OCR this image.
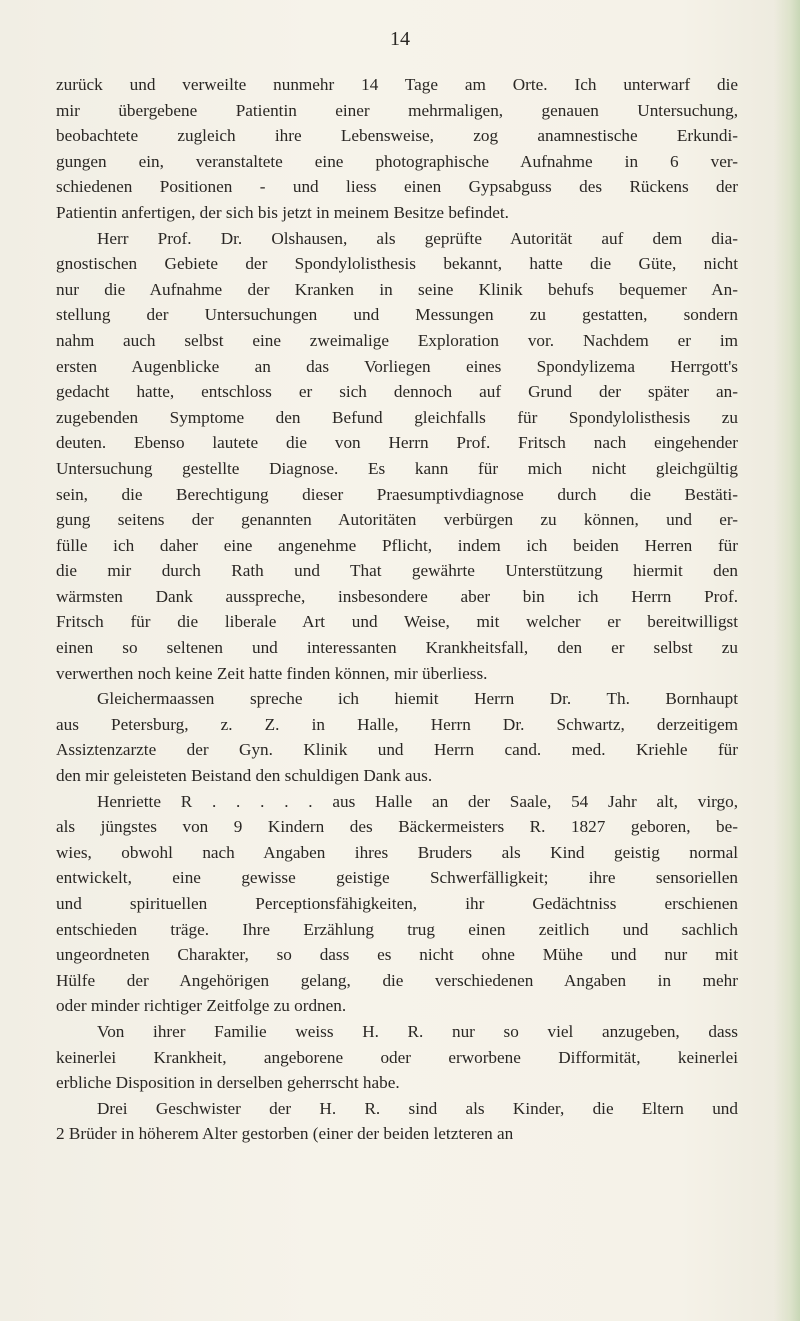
14
zurück und verweilte nunmehr 14 Tage am Orte. Ich unterwarf die
mir übergebene Patientin einer mehrmaligen, genauen Untersuchung,
beobachtete zugleich ihre Lebensweise, zog anamnestische Erkundi-
gungen ein, veranstaltete eine photographische Aufnahme in 6 ver-
schiedenen Positionen - und liess einen Gypsabguss des Rückens der
Patientin anfertigen, der sich bis jetzt in meinem Besitze befindet.
Herr Prof. Dr. Olshausen, als geprüfte Autorität auf dem dia-
gnostischen Gebiete der Spondylolisthesis bekannt, hatte die Güte, nicht
nur die Aufnahme der Kranken in seine Klinik behufs bequemer An-
stellung der Untersuchungen und Messungen zu gestatten, sondern
nahm auch selbst eine zweimalige Exploration vor. Nachdem er im
ersten Augenblicke an das Vorliegen eines Spondylizema Herrgott's
gedacht hatte, entschloss er sich dennoch auf Grund der später an-
zugebenden Symptome den Befund gleichfalls für Spondylolisthesis zu
deuten. Ebenso lautete die von Herrn Prof. Fritsch nach eingehender
Untersuchung gestellte Diagnose. Es kann für mich nicht gleichgültig
sein, die Berechtigung dieser Praesumptivdiagnose durch die Bestäti-
gung seitens der genannten Autoritäten verbürgen zu können, und er-
fülle ich daher eine angenehme Pflicht, indem ich beiden Herren für
die mir durch Rath und That gewährte Unterstützung hiermit den
wärmsten Dank ausspreche, insbesondere aber bin ich Herrn Prof.
Fritsch für die liberale Art und Weise, mit welcher er bereitwilligst
einen so seltenen und interessanten Krankheitsfall, den er selbst zu
verwerthen noch keine Zeit hatte finden können, mir überliess.
Gleichermaassen spreche ich hiemit Herrn Dr. Th. Bornhaupt
aus Petersburg, z. Z. in Halle, Herrn Dr. Schwartz, derzeitigem
Assiztenzarzte der Gyn. Klinik und Herrn cand. med. Kriehle für
den mir geleisteten Beistand den schuldigen Dank aus.
Henriette R . . . . . aus Halle an der Saale, 54 Jahr alt, virgo,
als jüngstes von 9 Kindern des Bäckermeisters R. 1827 geboren, be-
wies, obwohl nach Angaben ihres Bruders als Kind geistig normal
entwickelt, eine gewisse geistige Schwerfälligkeit; ihre sensoriellen
und spirituellen Perceptionsfähigkeiten, ihr Gedächtniss erschienen
entschieden träge. Ihre Erzählung trug einen zeitlich und sachlich
ungeordneten Charakter, so dass es nicht ohne Mühe und nur mit
Hülfe der Angehörigen gelang, die verschiedenen Angaben in mehr
oder minder richtiger Zeitfolge zu ordnen.
Von ihrer Familie weiss H. R. nur so viel anzugeben, dass
keinerlei Krankheit, angeborene oder erworbene Difformität, keinerlei
erbliche Disposition in derselben geherrscht habe.
Drei Geschwister der H. R. sind als Kinder, die Eltern und
2 Brüder in höherem Alter gestorben (einer der beiden letzteren an
